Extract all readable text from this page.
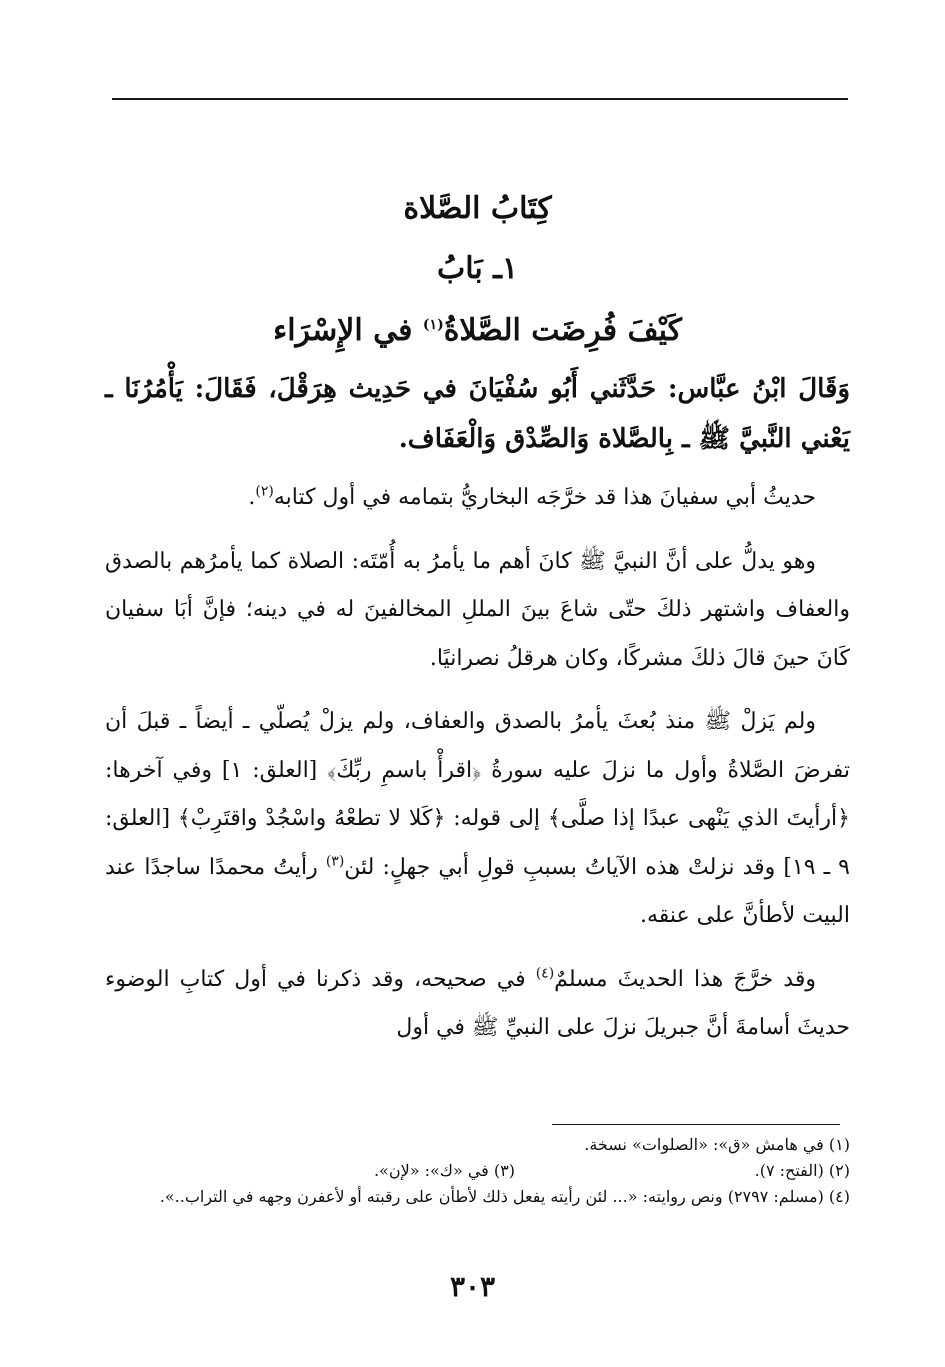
كِتَابُ الصَّلاة
١ـ بَابُ
كَيْفَ فُرِضَت الصَّلاةُ$^{(١)}$ في الإِسْرَاء

وَقَالَ ابْنُ عبَّاس: حَدَّثَني أَبُو سُفْيَانَ في حَدِيث هِرَقْلَ، فَقَالَ: يَأْمُرُنَا ـ يَعْني النَّبيَّ ﷺ ـ بِالصَّلاة وَالصِّدْق وَالْعَفَاف.

حديثُ أبي سفيانَ هذا قد خرَّجَه البخاريُّ بتمامه في أول كتابه$^{(٢)}$.

وهو يدلُّ على أنَّ النبيَّ ﷺ كانَ أهم ما يأمرُ به أُمّتَه: الصلاة كما يأمرُهم بالصدق والعفاف واشتهر ذلكَ حتّى شاعَ بينَ المللِ المخالفينَ له في دينه؛ فإنَّ أبَا سفيان كَانَ حينَ قالَ ذلكَ مشركًا، وكان هرقلُ نصرانيًا.

ولم يَزلْ ﷺ منذ بُعثَ يأمرُ بالصدق والعفاف، ولم يزلْ يُصلّي ـ أيضاً ـ قبلَ أن تفرضَ الصَّلاةُ وأول ما نزلَ عليه سورةُ ﴿اقرأْ باسمِ ربِّكَ﴾ [العلق: ١] وفي آخرها: ﴿أرأيتَ الذي يَنْهى عبدًا إذا صلَّى﴾ إلى قوله: ﴿كَلا لا تطعْهُ واسْجُدْ واقتَرِبْ﴾ [العلق: ٩ ـ ١٩] وقد نزلتْ هذه الآياتُ بسببِ قولِ أبي جهلٍ: لئن$^{(٣)}$ رأيتُ محمدًا ساجدًا عند البيت لأطأنَّ على عنقه.

وقد خرَّجَ هذا الحديثَ مسلمٌ$^{(٤)}$ في صحيحه، وقد ذكرنا في أول كتابِ الوضوء حديثَ أسامةَ أنَّ جبريلَ نزلَ على النبيِّ ﷺ في أول

(١) في هامش «ق»: «الصلوات» نسخة.

(٢) (الفتح: ٧).

(٣) في «ك»: «لإن».

(٤) (مسلم: ٢٧٩٧) ونص روايته: «... لئن رأيته يفعل ذلك لأطأن على رقبته أو لأعفرن وجهه في التراب..».

٣٠٣
